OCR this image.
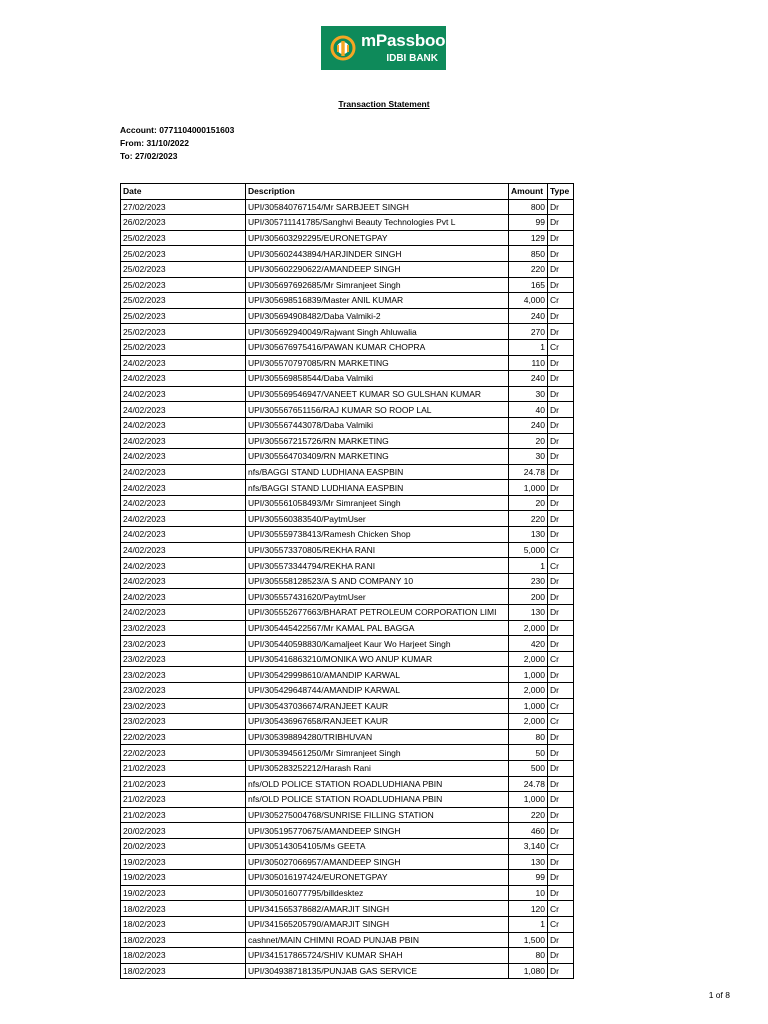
mPassbook
IDBI BANK
Transaction Statement
Account: 0771104000151603
From: 31/10/2022
To: 27/02/2023
Date	Description	Amount	Type
27/02/2023	UPI/305840767154/Mr SARBJEET SINGH	800	Dr
26/02/2023	UPI/305711141785/Sanghvi Beauty Technologies Pvt L	99	Dr
25/02/2023	UPI/305603292295/EURONETGPAY	129	Dr
25/02/2023	UPI/305602443894/HARJINDER SINGH	850	Dr
25/02/2023	UPI/305602290622/AMANDEEP SINGH	220	Dr
25/02/2023	UPI/305697692685/Mr Simranjeet Singh	165	Dr
25/02/2023	UPI/305698516839/Master ANIL KUMAR	4,000	Cr
25/02/2023	UPI/305694908482/Daba Valmiki-2	240	Dr
25/02/2023	UPI/305692940049/Rajwant Singh Ahluwalia	270	Dr
25/02/2023	UPI/305676975416/PAWAN KUMAR CHOPRA	1	Cr
24/02/2023	UPI/305570797085/RN MARKETING	110	Dr
24/02/2023	UPI/305569858544/Daba Valmiki	240	Dr
24/02/2023	UPI/305569546947/VANEET KUMAR SO GULSHAN KUMAR	30	Dr
24/02/2023	UPI/305567651156/RAJ KUMAR SO ROOP LAL	40	Dr
24/02/2023	UPI/305567443078/Daba Valmiki	240	Dr
24/02/2023	UPI/305567215726/RN MARKETING	20	Dr
24/02/2023	UPI/305564703409/RN MARKETING	30	Dr
24/02/2023	nfs/BAGGI STAND LUDHIANA EASPBIN	24.78	Dr
24/02/2023	nfs/BAGGI STAND LUDHIANA EASPBIN	1,000	Dr
24/02/2023	UPI/305561058493/Mr Simranjeet Singh	20	Dr
24/02/2023	UPI/305560383540/PaytmUser	220	Dr
24/02/2023	UPI/305559738413/Ramesh Chicken Shop	130	Dr
24/02/2023	UPI/305573370805/REKHA RANI	5,000	Cr
24/02/2023	UPI/305573344794/REKHA RANI	1	Cr
24/02/2023	UPI/305558128523/A S AND COMPANY 10	230	Dr
24/02/2023	UPI/305557431620/PaytmUser	200	Dr
24/02/2023	UPI/305552677663/BHARAT PETROLEUM CORPORATION LIMI	130	Dr
23/02/2023	UPI/305445422567/Mr KAMAL PAL BAGGA	2,000	Dr
23/02/2023	UPI/305440598830/Kamaljeet Kaur Wo Harjeet Singh	420	Dr
23/02/2023	UPI/305416863210/MONIKA WO ANUP KUMAR	2,000	Cr
23/02/2023	UPI/305429998610/AMANDIP KARWAL	1,000	Dr
23/02/2023	UPI/305429648744/AMANDIP KARWAL	2,000	Dr
23/02/2023	UPI/305437036674/RANJEET KAUR	1,000	Cr
23/02/2023	UPI/305436967658/RANJEET KAUR	2,000	Cr
22/02/2023	UPI/305398894280/TRIBHUVAN	80	Dr
22/02/2023	UPI/305394561250/Mr Simranjeet Singh	50	Dr
21/02/2023	UPI/305283252212/Harash Rani	500	Dr
21/02/2023	nfs/OLD POLICE STATION ROADLUDHIANA PBIN	24.78	Dr
21/02/2023	nfs/OLD POLICE STATION ROADLUDHIANA PBIN	1,000	Dr
21/02/2023	UPI/305275004768/SUNRISE FILLING STATION	220	Dr
20/02/2023	UPI/305195770675/AMANDEEP SINGH	460	Dr
20/02/2023	UPI/305143054105/Ms GEETA	3,140	Cr
19/02/2023	UPI/305027066957/AMANDEEP SINGH	130	Dr
19/02/2023	UPI/305016197424/EURONETGPAY	99	Dr
19/02/2023	UPI/305016077795/billdesktez	10	Dr
18/02/2023	UPI/341565378682/AMARJIT SINGH	120	Cr
18/02/2023	UPI/341565205790/AMARJIT SINGH	1	Cr
18/02/2023	cashnet/MAIN CHIMNI ROAD PUNJAB PBIN	1,500	Dr
18/02/2023	UPI/341517865724/SHIV KUMAR SHAH	80	Dr
18/02/2023	UPI/304938718135/PUNJAB GAS SERVICE	1,080	Dr
1 of 8
